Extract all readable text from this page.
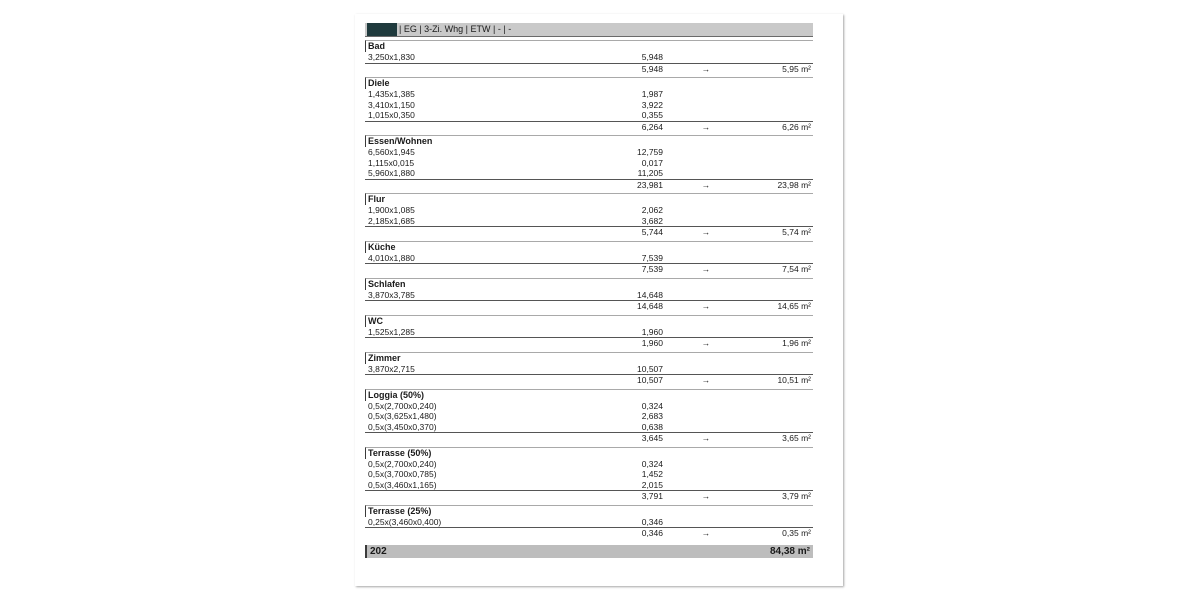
| EG | 3-Zi. Whg | ETW | - | -
Bad
3,250x1,830	5,948
5,948	→	5,95 m²
Diele
1,435x1,385	1,987
3,410x1,150	3,922
1,015x0,350	0,355
6,264	→	6,26 m²
Essen/Wohnen
6,560x1,945	12,759
1,115x0,015	0,017
5,960x1,880	11,205
23,981	→	23,98 m²
Flur
1,900x1,085	2,062
2,185x1,685	3,682
5,744	→	5,74 m²
Küche
4,010x1,880	7,539
7,539	→	7,54 m²
Schlafen
3,870x3,785	14,648
14,648	→	14,65 m²
WC
1,525x1,285	1,960
1,960	→	1,96 m²
Zimmer
3,870x2,715	10,507
10,507	→	10,51 m²
Loggia (50%)
0,5x(2,700x0,240)	0,324
0,5x(3,625x1,480)	2,683
0,5x(3,450x0,370)	0,638
3,645	→	3,65 m²
Terrasse (50%)
0,5x(2,700x0,240)	0,324
0,5x(3,700x0,785)	1,452
0,5x(3,460x1,165)	2,015
3,791	→	3,79 m²
Terrasse (25%)
0,25x(3,460x0,400)	0,346
0,346	→	0,35 m²
202	84,38 m²
